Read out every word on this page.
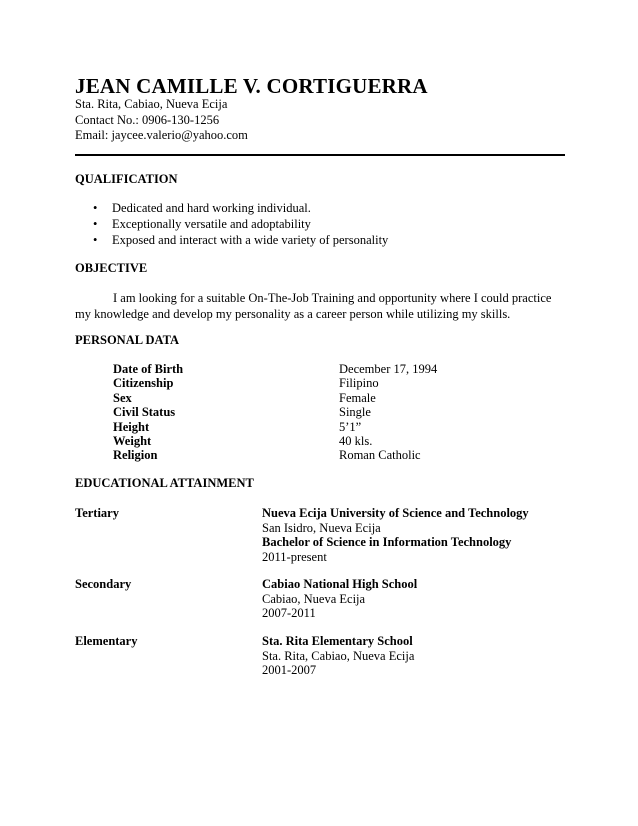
JEAN CAMILLE V. CORTIGUERRA
Sta. Rita, Cabiao, Nueva Ecija
Contact No.: 0906-130-1256
Email: jaycee.valerio@yahoo.com
QUALIFICATION
• Dedicated and hard working individual.
• Exceptionally versatile and adoptability
• Exposed and interact with a wide variety of personality
OBJECTIVE

I am looking for a suitable On-The-Job Training and opportunity where I could practice my knowledge and develop my personality as a career person while utilizing my skills.

PERSONAL DATA
Date of Birth	December 17, 1994
Citizenship	Filipino
Sex	Female
Civil Status	Single
Height	5’1”
Weight	40 kls.
Religion	Roman Catholic
EDUCATIONAL ATTAINMENT
Tertiary	Nueva Ecija University of Science and Technology
San Isidro, Nueva Ecija
Bachelor of Science in Information Technology
2011-present
Secondary	Cabiao National High School
Cabiao, Nueva Ecija
2007-2011
Elementary	Sta. Rita Elementary School
Sta. Rita, Cabiao, Nueva Ecija
2001-2007
